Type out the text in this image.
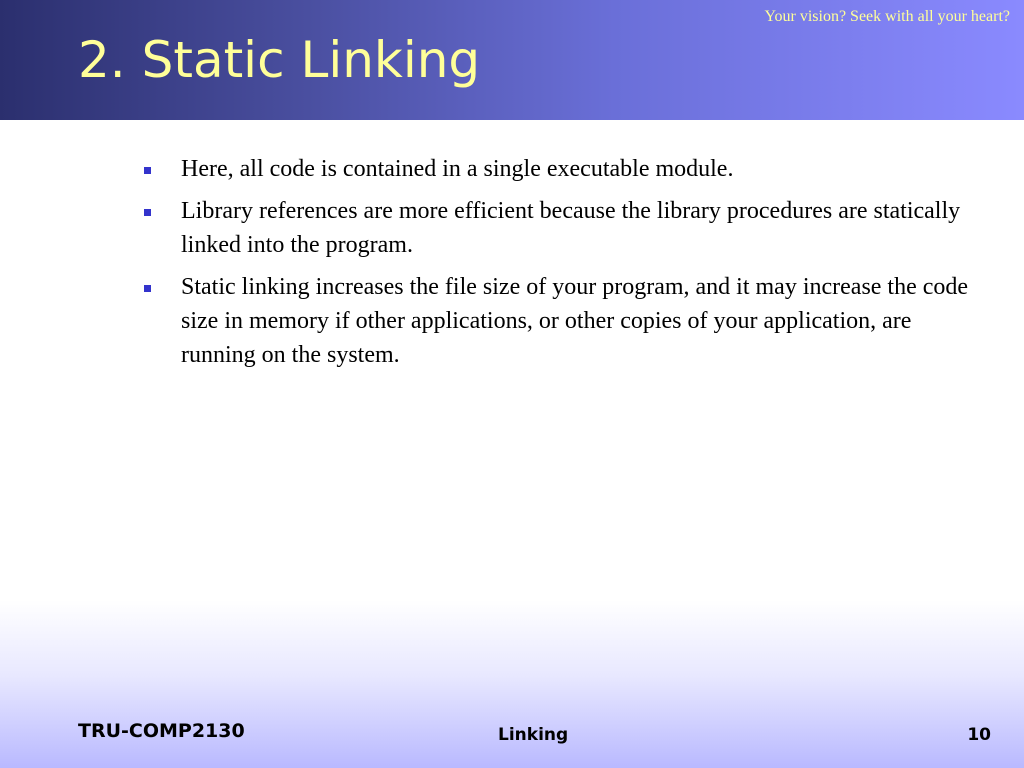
2. Static Linking
Your vision? Seek with all your heart?
Here, all code is contained in a single executable module.
Library references are more efficient because the library procedures are statically linked into the program.
Static linking increases the file size of your program, and it may increase the code size in memory if other applications, or other copies of your application, are running on the system.
TRU-COMP2130	Linking	10
